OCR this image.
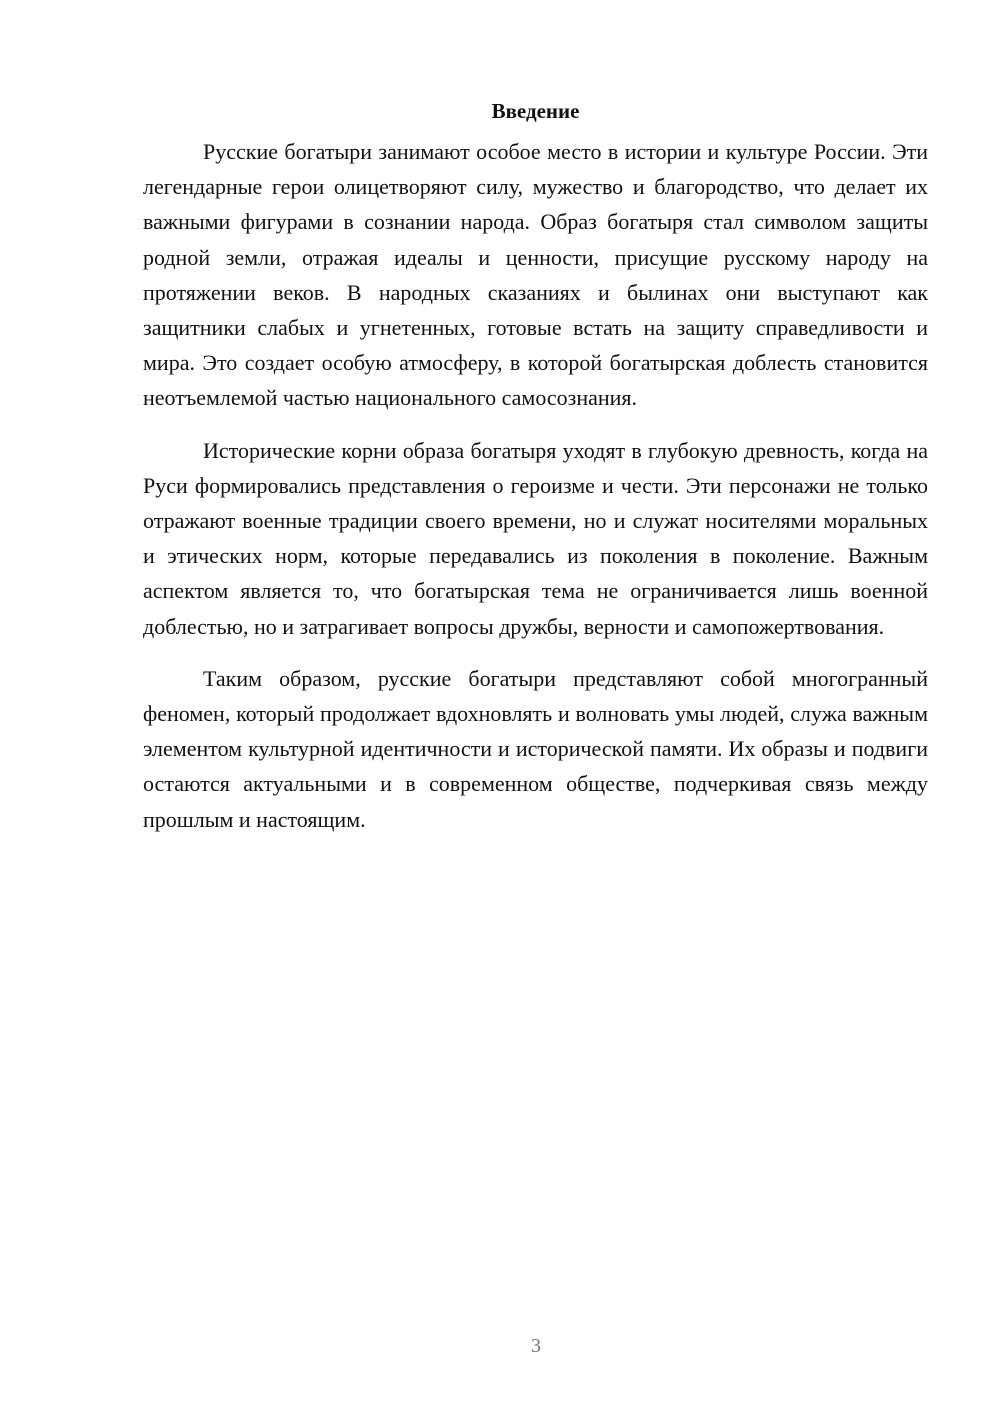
Введение

Русские богатыри занимают особое место в истории и культуре России. Эти легендарные герои олицетворяют силу, мужество и благородство, что делает их важными фигурами в сознании народа. Образ богатыря стал символом защиты родной земли, отражая идеалы и ценности, присущие русскому народу на протяжении веков. В народных сказаниях и былинах они выступают как защитники слабых и угнетенных, готовые встать на защиту справедливости и мира. Это создает особую атмосферу, в которой богатырская доблесть становится неотъемлемой частью национального самосознания.

Исторические корни образа богатыря уходят в глубокую древность, когда на Руси формировались представления о героизме и чести. Эти персонажи не только отражают военные традиции своего времени, но и служат носителями моральных и этических норм, которые передавались из поколения в поколение. Важным аспектом является то, что богатырская тема не ограничивается лишь военной доблестью, но и затрагивает вопросы дружбы, верности и самопожертвования.

Таким образом, русские богатыри представляют собой многогранный феномен, который продолжает вдохновлять и волновать умы людей, служа важным элементом культурной идентичности и исторической памяти. Их образы и подвиги остаются актуальными и в современном обществе, подчеркивая связь между прошлым и настоящим.

3
